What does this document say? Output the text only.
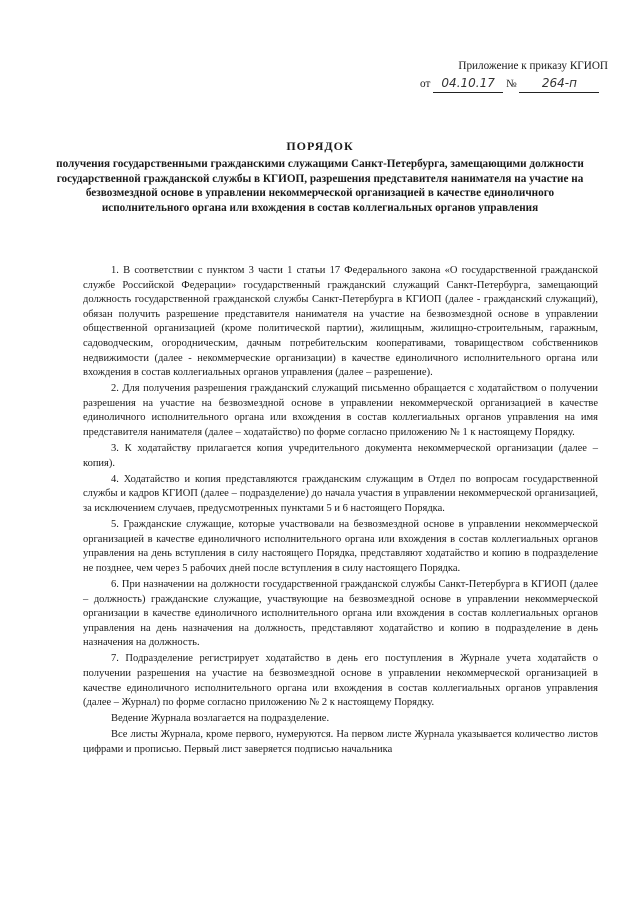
Приложение к приказу КГИОП
от 04.10.17 № 264-п
ПОРЯДОК
получения государственными гражданскими служащими Санкт-Петербурга, замещающими должности государственной гражданской службы в КГИОП, разрешения представителя нанимателя на участие на безвозмездной основе в управлении некоммерческой организацией в качестве единоличного исполнительного органа или вхождения в состав коллегиальных органов управления

1. В соответствии с пунктом 3 части 1 статьи 17 Федерального закона «О государственной гражданской службе Российской Федерации» государственный гражданский служащий Санкт-Петербурга, замещающий должность государственной гражданской службы Санкт-Петербурга в КГИОП (далее - гражданский служащий), обязан получить разрешение представителя нанимателя на участие на безвозмездной основе в управлении общественной организацией (кроме политической партии), жилищным, жилищно-строительным, гаражным, садоводческим, огородническим, дачным потребительским кооперативами, товариществом собственников недвижимости (далее - некоммерческие организации) в качестве единоличного исполнительного органа или вхождения в состав коллегиальных органов управления (далее – разрешение).

2. Для получения разрешения гражданский служащий письменно обращается с ходатайством о получении разрешения на участие на безвозмездной основе в управлении некоммерческой организацией в качестве единоличного исполнительного органа или вхождения в состав коллегиальных органов управления на имя представителя нанимателя (далее – ходатайство) по форме согласно приложению № 1 к настоящему Порядку.

3. К ходатайству прилагается копия учредительного документа некоммерческой организации (далее – копия).

4. Ходатайство и копия представляются гражданским служащим в Отдел по вопросам государственной службы и кадров КГИОП (далее – подразделение) до начала участия в управлении некоммерческой организацией, за исключением случаев, предусмотренных пунктами 5 и 6 настоящего Порядка.

5. Гражданские служащие, которые участвовали на безвозмездной основе в управлении некоммерческой организацией в качестве единоличного исполнительного органа или вхождения в состав коллегиальных органов управления на день вступления в силу настоящего Порядка, представляют ходатайство и копию в подразделение не позднее, чем через 5 рабочих дней после вступления в силу настоящего Порядка.

6. При назначении на должности государственной гражданской службы Санкт-Петербурга в КГИОП (далее – должность) гражданские служащие, участвующие на безвозмездной основе в управлении некоммерческой организации в качестве единоличного исполнительного органа или вхождения в состав коллегиальных органов управления на день назначения на должность, представляют ходатайство и копию в подразделение в день назначения на должность.

7. Подразделение регистрирует ходатайство в день его поступления в Журнале учета ходатайств о получении разрешения на участие на безвозмездной основе в управлении некоммерческой организацией в качестве единоличного исполнительного органа или вхождения в состав коллегиальных органов управления (далее – Журнал) по форме согласно приложению № 2 к настоящему Порядку.

Ведение Журнала возлагается на подразделение.

Все листы Журнала, кроме первого, нумеруются. На первом листе Журнала указывается количество листов цифрами и прописью. Первый лист заверяется подписью начальника
